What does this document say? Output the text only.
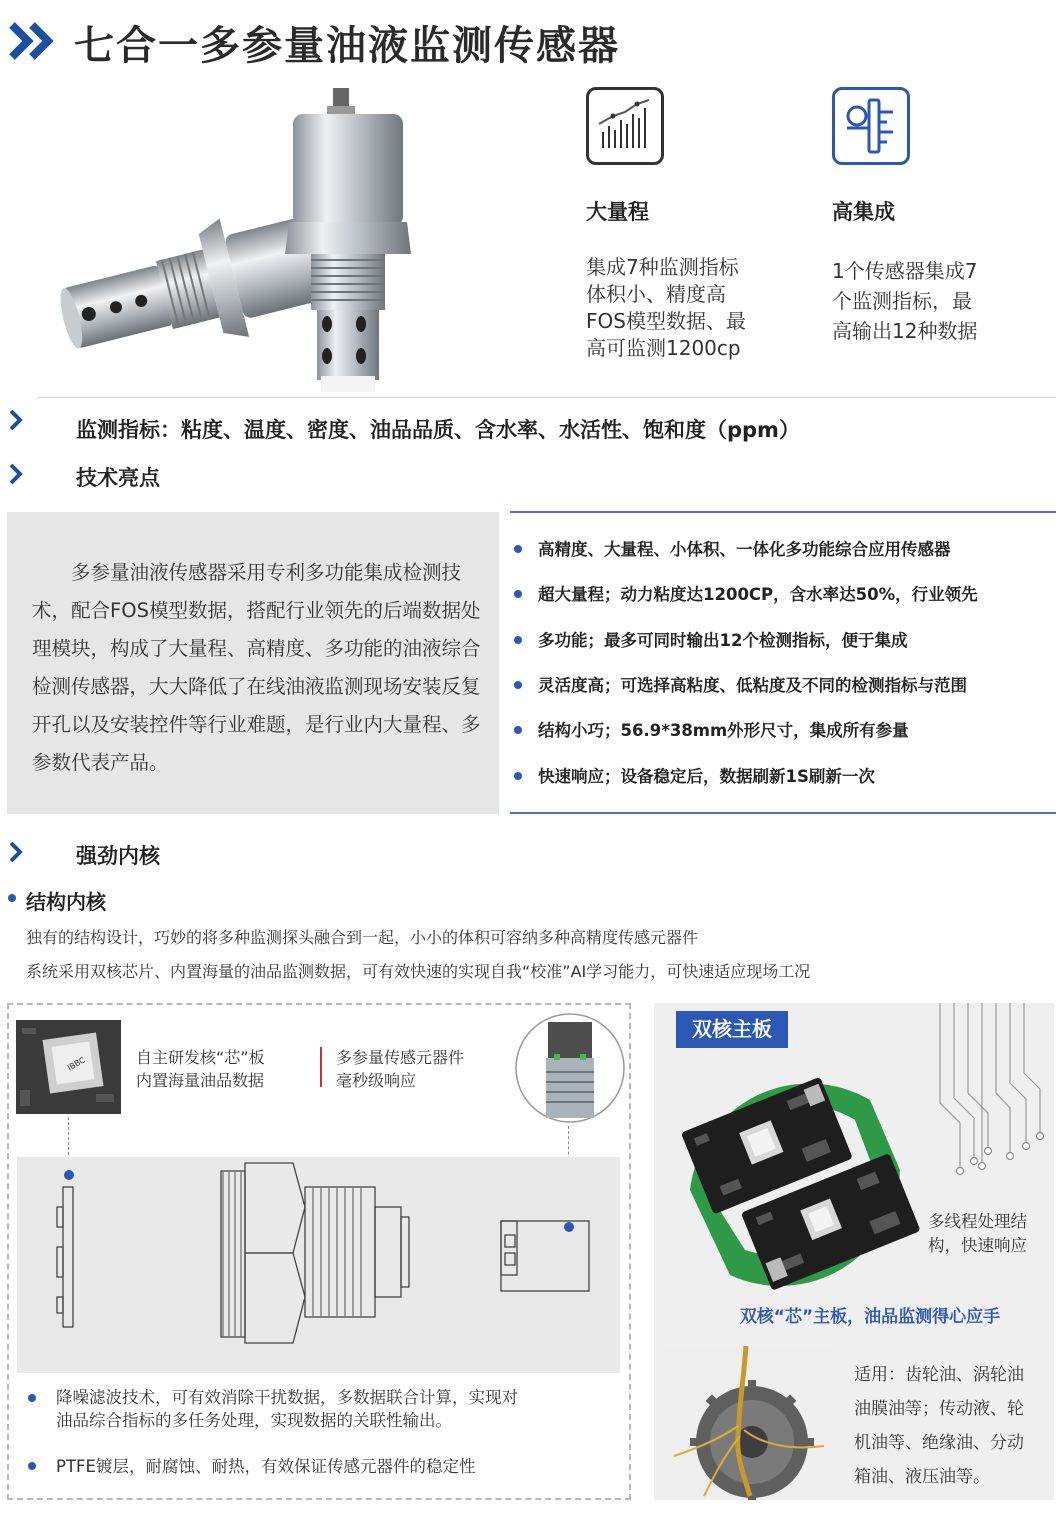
七合一多参量油液监测传感器
大量程	高集成
集成7种监测指标
体积小、精度高
FOS模型数据、最
高可监测1200cp
1个传感器集成7
个监测指标，最
高输出12种数据
监测指标：粘度、温度、密度、油品品质、含水率、水活性、饱和度（ppm）
技术亮点
多参量油液传感器采用专利多功能集成检测技术，配合FOS模型数据，搭配行业领先的后端数据处理模块，构成了大量程、高精度、多功能的油液综合检测传感器，大大降低了在线油液监测现场安装反复开孔以及安装控件等行业难题，是行业内大量程、多参数代表产品。
高精度、大量程、小体积、一体化多功能综合应用传感器
超大量程；动力粘度达1200CP，含水率达50%，行业领先
多功能；最多可同时输出12个检测指标，便于集成
灵活度高；可选择高粘度、低粘度及不同的检测指标与范围
结构小巧；56.9*38mm外形尺寸，集成所有参量
快速响应；设备稳定后，数据刷新1S刷新一次
强劲内核
结构内核
独有的结构设计，巧妙的将多种监测探头融合到一起，小小的体积可容纳多种高精度传感元器件
系统采用双核芯片、内置海量的油品监测数据，可有效快速的实现自我“校准”AI学习能力，可快速适应现场工况
IBBC	自主研发核“芯”板
内置海量油品数据
多参量传感元器件
毫秒级响应
降噪滤波技术，可有效消除干扰数据，多数据联合计算，实现对
油品综合指标的多任务处理，实现数据的关联性输出。
PTFE镀层，耐腐蚀、耐热，有效保证传感元器件的稳定性
双核主板
多线程处理结
构，快速响应
双核“芯”主板，油品监测得心应手
适用：齿轮油、涡轮油
油膜油等；传动液、轮
机油等、绝缘油、分动
箱油、液压油等。
